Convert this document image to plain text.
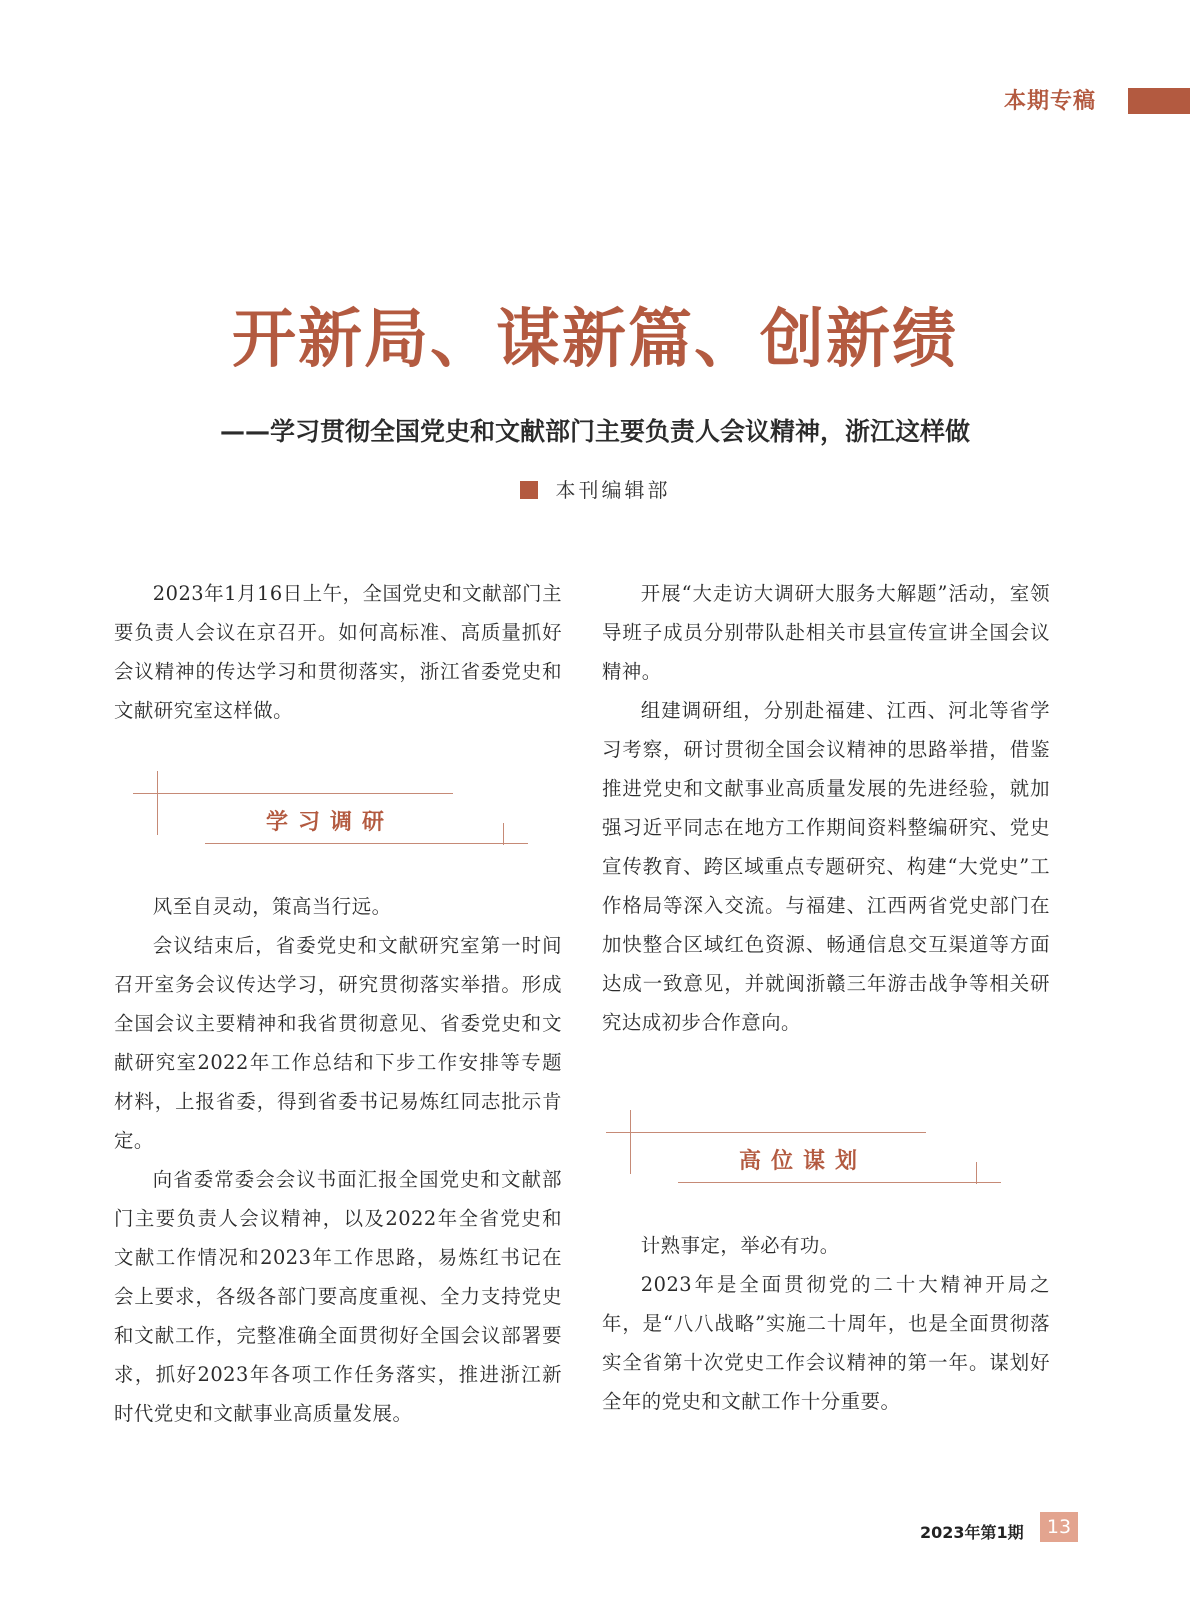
本期专稿
开新局、谋新篇、创新绩
——学习贯彻全国党史和文献部门主要负责人会议精神，浙江这样做
本刊编辑部

2023年1月16日上午，全国党史和文献部门主要负责人会议在京召开。如何高标准、高质量抓好会议精神的传达学习和贯彻落实，浙江省委党史和文献研究室这样做。

学习调研

风至自灵动，策高当行远。

会议结束后，省委党史和文献研究室第一时间召开室务会议传达学习，研究贯彻落实举措。形成全国会议主要精神和我省贯彻意见、省委党史和文献研究室2022年工作总结和下步工作安排等专题材料，上报省委，得到省委书记易炼红同志批示肯定。

向省委常委会会议书面汇报全国党史和文献部门主要负责人会议精神，以及2022年全省党史和文献工作情况和2023年工作思路，易炼红书记在会上要求，各级各部门要高度重视、全力支持党史和文献工作，完整准确全面贯彻好全国会议部署要求，抓好2023年各项工作任务落实，推进浙江新时代党史和文献事业高质量发展。

开展“大走访大调研大服务大解题”活动，室领导班子成员分别带队赴相关市县宣传宣讲全国会议精神。

组建调研组，分别赴福建、江西、河北等省学习考察，研讨贯彻全国会议精神的思路举措，借鉴推进党史和文献事业高质量发展的先进经验，就加强习近平同志在地方工作期间资料整编研究、党史宣传教育、跨区域重点专题研究、构建“大党史”工作格局等深入交流。与福建、江西两省党史部门在加快整合区域红色资源、畅通信息交互渠道等方面达成一致意见，并就闽浙赣三年游击战争等相关研究达成初步合作意向。

高位谋划

计熟事定，举必有功。

2023年是全面贯彻党的二十大精神开局之年，是“八八战略”实施二十周年，也是全面贯彻落实全省第十次党史工作会议精神的第一年。谋划好全年的党史和文献工作十分重要。

2023年第1期	13
